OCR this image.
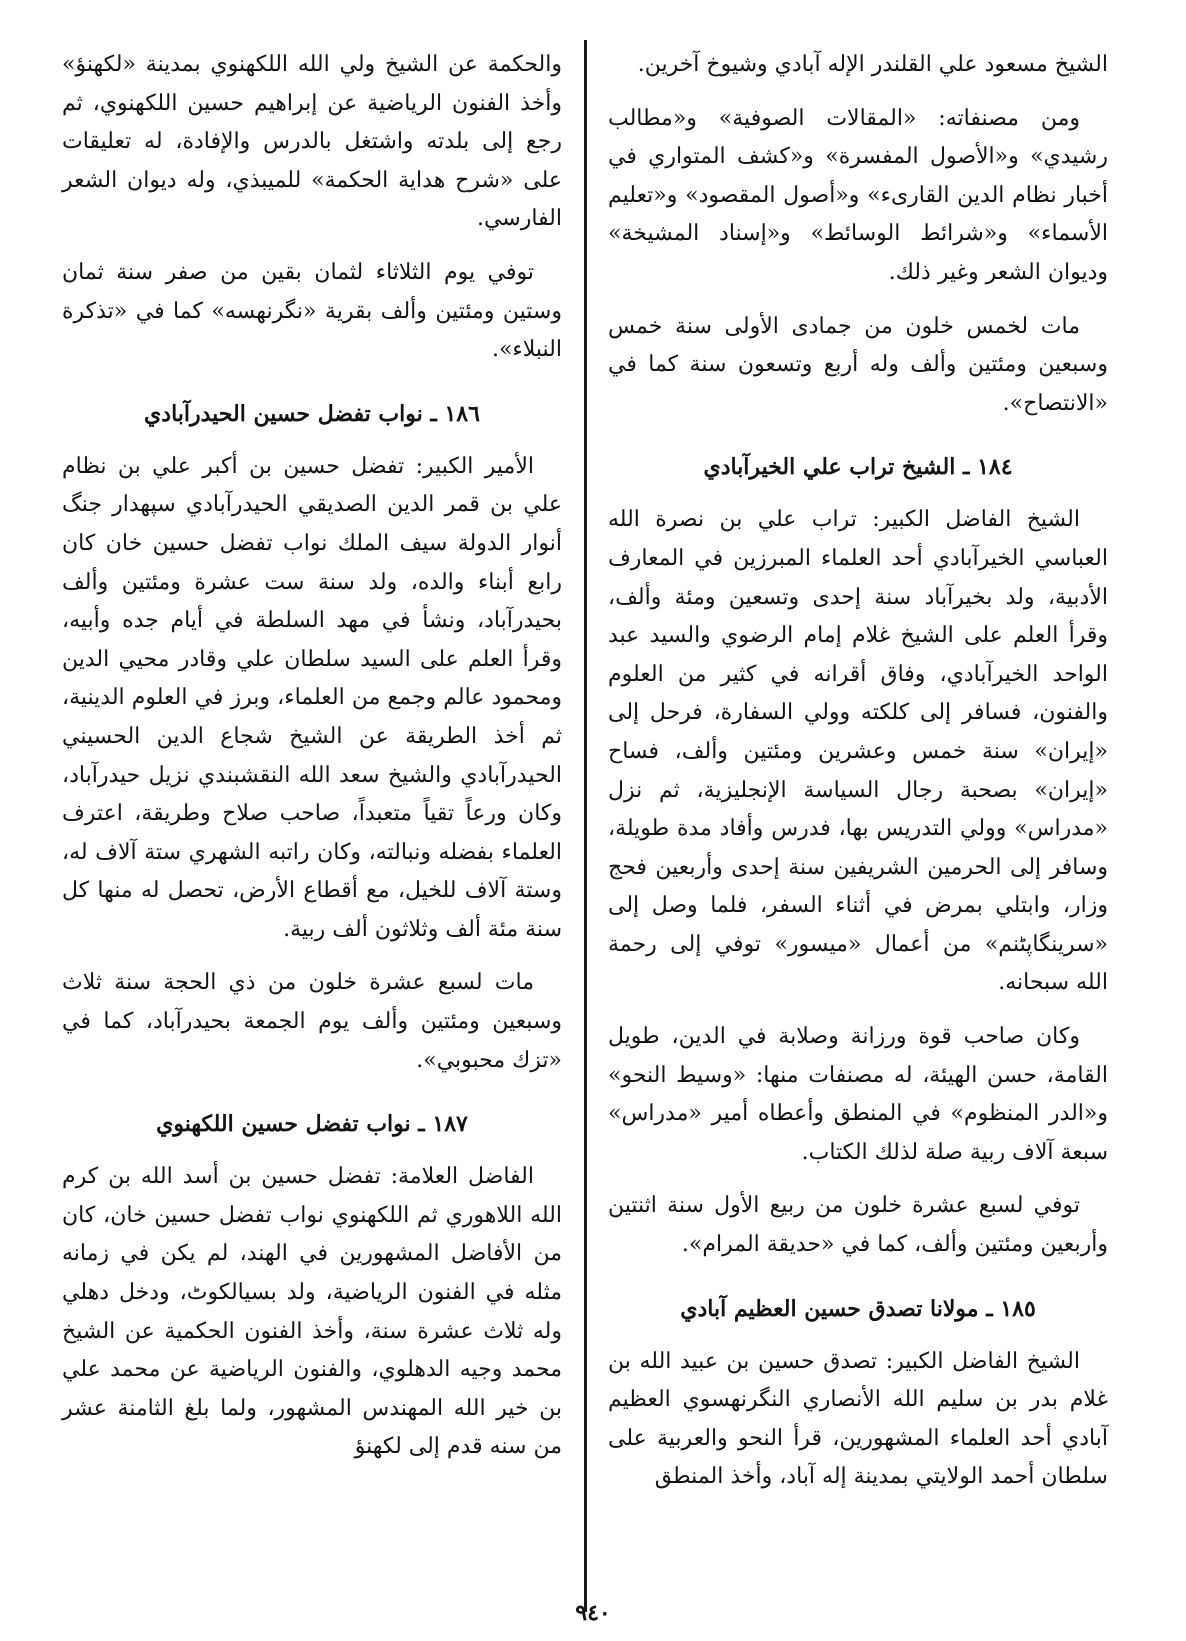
الشيخ مسعود علي القلندر الإله آبادي وشيوخ آخرين.

ومن مصنفاته: «المقالات الصوفية» و«مطالب رشيدي» و«الأصول المفسرة» و«كشف المتواري في أخبار نظام الدين القارىء» و«أصول المقصود» و«تعليم الأسماء» و«شرائط الوسائط» و«إسناد المشيخة» وديوان الشعر وغير ذلك.

مات لخمس خلون من جمادى الأولى سنة خمس وسبعين ومئتين وألف وله أربع وتسعون سنة كما في «الانتصاح».

١٨٤ ـ الشيخ تراب علي الخيرآبادي

الشيخ الفاضل الكبير: تراب علي بن نصرة الله العباسي الخيرآبادي أحد العلماء المبرزين في المعارف الأدبية، ولد بخيرآباد سنة إحدى وتسعين ومئة وألف، وقرأ العلم على الشيخ غلام إمام الرضوي والسيد عبد الواحد الخيرآبادي، وفاق أقرانه في كثير من العلوم والفنون، فسافر إلى كلكته وولي السفارة، فرحل إلى «إيران» سنة خمس وعشرين ومئتين وألف، فساح «إيران» بصحبة رجال السياسة الإنجليزية، ثم نزل «مدراس» وولي التدريس بها، فدرس وأفاد مدة طويلة، وسافر إلى الحرمين الشريفين سنة إحدى وأربعين فحج وزار، وابتلي بمرض في أثناء السفر، فلما وصل إلى «سرينگاپٹنم» من أعمال «ميسور» توفي إلى رحمة الله سبحانه.

وكان صاحب قوة ورزانة وصلابة في الدين، طويل القامة، حسن الهيئة، له مصنفات منها: «وسيط النحو» و«الدر المنظوم» في المنطق وأعطاه أمير «مدراس» سبعة آلاف ربية صلة لذلك الكتاب.

توفي لسبع عشرة خلون من ربيع الأول سنة اثنتين وأربعين ومئتين وألف، كما في «حديقة المرام».

١٨٥ ـ مولانا تصدق حسين العظيم آبادي

الشيخ الفاضل الكبير: تصدق حسين بن عبيد الله بن غلام بدر بن سليم الله الأنصاري النگرنهسوي العظيم آبادي أحد العلماء المشهورين، قرأ النحو والعربية على سلطان أحمد الولايتي بمدينة إله آباد، وأخذ المنطق

والحكمة عن الشيخ ولي الله اللكهنوي بمدينة «لكهنؤ» وأخذ الفنون الرياضية عن إبراهيم حسين اللكهنوي، ثم رجع إلى بلدته واشتغل بالدرس والإفادة، له تعليقات على «شرح هداية الحكمة» للميبذي، وله ديوان الشعر الفارسي.

توفي يوم الثلاثاء لثمان بقين من صفر سنة ثمان وستين ومئتين وألف بقرية «نگرنهسه» كما في «تذكرة النبلاء».

١٨٦ ـ نواب تفضل حسين الحيدرآبادي

الأمير الكبير: تفضل حسين بن أكبر علي بن نظام علي بن قمر الدين الصديقي الحيدرآبادي سپهدار جنگ أنوار الدولة سيف الملك نواب تفضل حسين خان كان رابع أبناء والده، ولد سنة ست عشرة ومئتين وألف بحيدرآباد، ونشأ في مهد السلطة في أيام جده وأبيه، وقرأ العلم على السيد سلطان علي وقادر محيي الدين ومحمود عالم وجمع من العلماء، وبرز في العلوم الدينية، ثم أخذ الطريقة عن الشيخ شجاع الدين الحسيني الحيدرآبادي والشيخ سعد الله النقشبندي نزيل حيدرآباد، وكان ورعاً تقياً متعبداً، صاحب صلاح وطريقة، اعترف العلماء بفضله ونبالته، وكان راتبه الشهري ستة آلاف له، وستة آلاف للخيل، مع أقطاع الأرض، تحصل له منها كل سنة مئة ألف وثلاثون ألف ربية.

مات لسبع عشرة خلون من ذي الحجة سنة ثلاث وسبعين ومئتين وألف يوم الجمعة بحيدرآباد، كما في «تزك محبوبي».

١٨٧ ـ نواب تفضل حسين اللكهنوي

الفاضل العلامة: تفضل حسين بن أسد الله بن كرم الله اللاهوري ثم اللكهنوي نواب تفضل حسين خان، كان من الأفاضل المشهورين في الهند، لم يكن في زمانه مثله في الفنون الرياضية، ولد بسيالكوٹ، ودخل دهلي وله ثلاث عشرة سنة، وأخذ الفنون الحكمية عن الشيخ محمد وجيه الدهلوي، والفنون الرياضية عن محمد علي بن خير الله المهندس المشهور، ولما بلغ الثامنة عشر من سنه قدم إلى لكهنؤ

٩٤٠
